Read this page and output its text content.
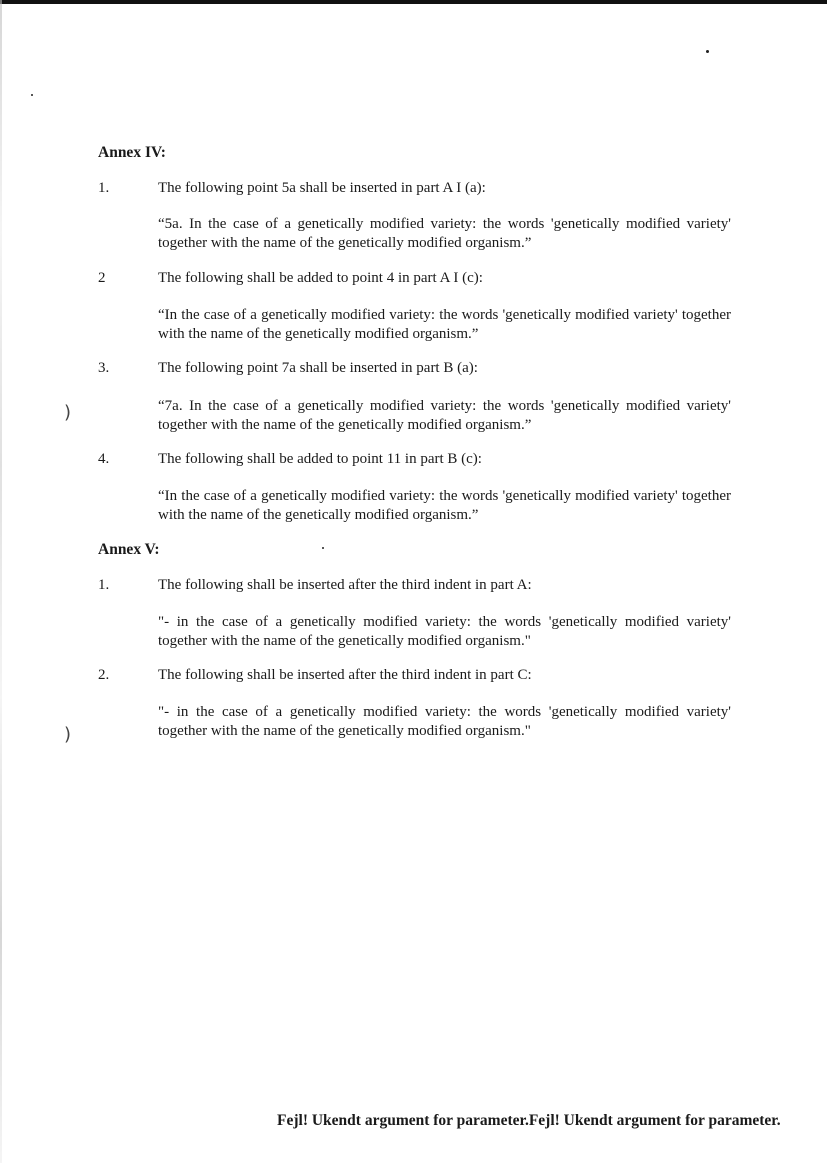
)
)
Annex IV:
1.	The following point 5a shall be inserted in part A I (a):
“5a. In the case of a genetically modified variety: the words 'genetically modified variety' together with the name of the genetically modified organism.”
2	The following shall be added to point 4 in part A I (c):
“In the case of a genetically modified variety: the words 'genetically modified variety' together with the name of the genetically modified organism.”
3.	The following point 7a shall be inserted in part B (a):
“7a. In the case of a genetically modified variety: the words 'genetically modified variety' together with the name of the genetically modified organism.”
4.	The following shall be added to point 11 in part B (c):
“In the case of a genetically modified variety: the words 'genetically modified variety' together with the name of the genetically modified organism.”
Annex V:
1.	The following shall be inserted after the third indent in part A:
"- in the case of a genetically modified variety: the words 'genetically modified variety' together with the name of the genetically modified organism."
2.	The following shall be inserted after the third indent in part C:
"- in the case of a genetically modified variety: the words 'genetically modified variety' together with the name of the genetically modified organism."
Fejl! Ukendt argument for parameter.Fejl! Ukendt argument for parameter.
